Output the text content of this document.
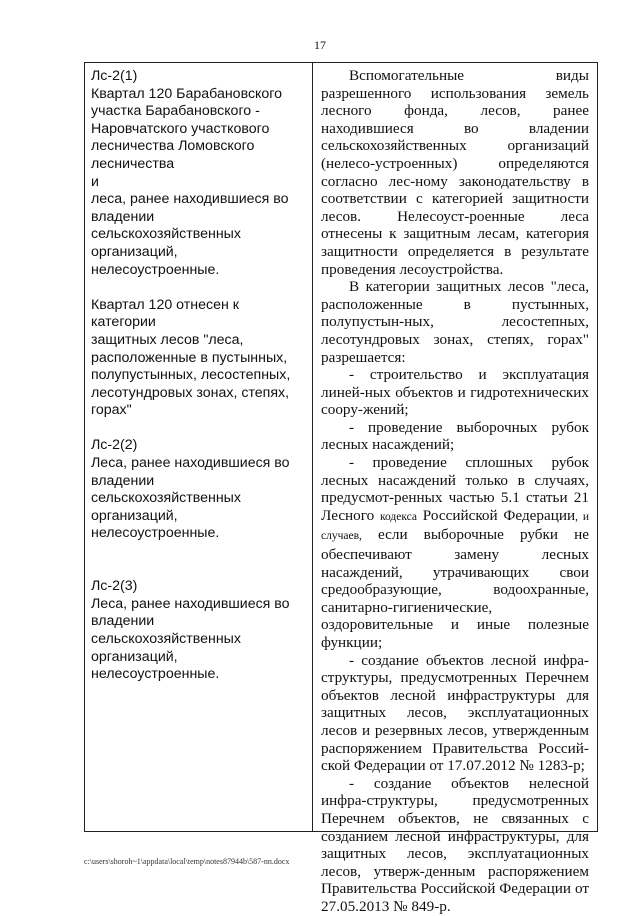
17

Лс-2(1)

Квартал 120 Барабановского

участка Барабановского -

Наровчатского участкового

лесничества Ломовского

лесничества

и

леса, ранее находившиеся во

владении сельскохозяйственных

организаций, нелесоустроенные.

Квартал 120 отнесен к категории

защитных лесов "леса,

расположенные в пустынных,

полупустынных, лесостепных,

лесотундровых зонах, степях,

горах"

Лс-2(2)

Леса, ранее находившиеся во

владении сельскохозяйственных

организаций, нелесоустроенные.

Лс-2(3)

Леса, ранее находившиеся во

владении сельскохозяйственных

организаций, нелесоустроенные.

Вспомогательные виды разрешенного использования земель лесного фонда, лесов, ранее находившиеся во владении сельскохозяйственных организаций (нелесо-устроенных) определяются согласно лес-ному законодательству в соответствии с категорией защитности лесов. Нелесоуст-роенные леса отнесены к защитным лесам, категория защитности определяется в результате проведения лесоустройства.

В категории защитных лесов "леса, расположенные в пустынных, полупустын-ных, лесостепных, лесотундровых зонах, степях, горах" разрешается:

- строительство и эксплуатация линей-ных объектов и гидротехнических соору-жений;

- проведение выборочных рубок лесных насаждений;

- проведение сплошных рубок лесных насаждений только в случаях, предусмот-ренных частью 5.1 статьи 21 Лесного кодекса Российской Федерации, и случаев, если выборочные рубки не обеспечивают замену лесных насаждений, утрачивающих свои средообразующие, водоохранные, санитарно-гигиенические, оздоровительные и иные полезные функции;

- создание объектов лесной инфра-структуры, предусмотренных Перечнем объектов лесной инфраструктуры для защитных лесов, эксплуатационных лесов и резервных лесов, утвержденным распоряжением Правительства Россий-ской Федерации от 17.07.2012 № 1283-р;

- создание объектов нелесной инфра-структуры, предусмотренных Перечнем объектов, не связанных с созданием лесной инфраструктуры, для защитных лесов, эксплуатационных лесов, утверж-денным распоряжением Правительства Российской Федерации от 27.05.2013 № 849-р.

c:\users\shoroh~1\appdata\local\temp\notes87944b\587-nn.docx
